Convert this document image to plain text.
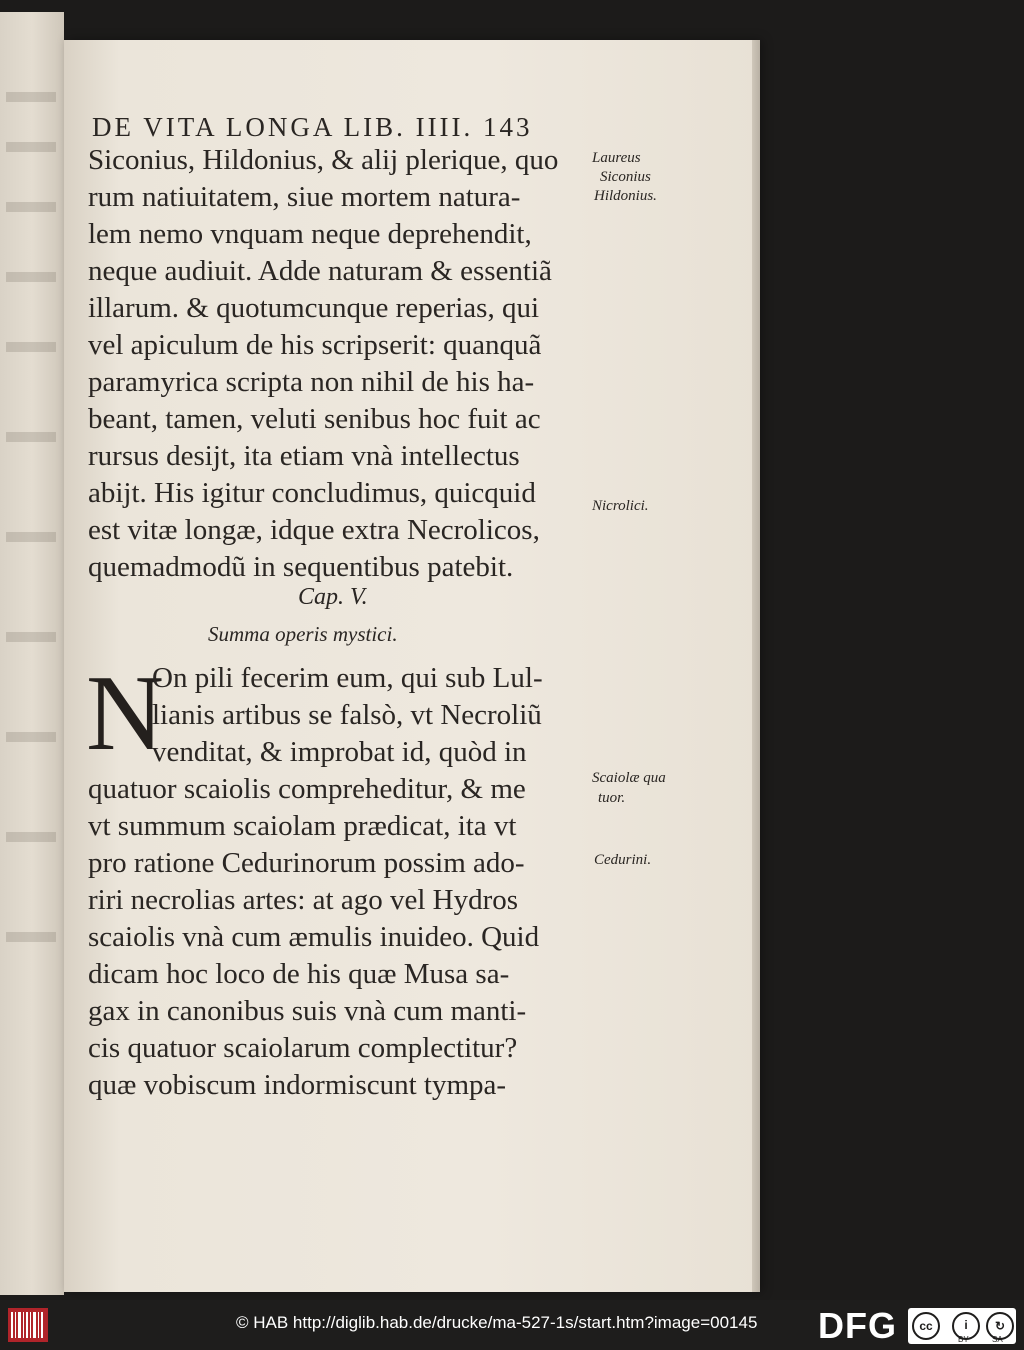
DE VITA LONGA LIB. IIII. 143
Siconius, Hildonius, & alij plerique, quo
rum natiuitatem, siue mortem natura-
lem nemo vnquam neque deprehendit,
neque audiuit. Adde naturam & essentiã
illarum. & quotumcunque reperias, qui
vel apiculum de his scripserit: quanquã
paramyrica scripta non nihil de his ha-
beant, tamen, veluti senibus hoc fuit ac
rursus desijt, ita etiam vnà intellectus
abijt. His igitur concludimus, quicquid
est vitæ longæ, idque extra Necrolicos,
quemadmodũ in sequentibus patebit.
Laureus
Siconius
Hildonius.
Nicrolici.
Cap. V.
Summa operis mystici.
N
On pili fecerim eum, qui sub Lul-
lianis artibus se falsò, vt Necroliũ
venditat, & improbat id, quòd in
quatuor scaiolis compreheditur, & me
vt summum scaiolam prædicat, ita vt
pro ratione Cedurinorum possim ado-
riri necrolias artes: at ago vel Hydros
scaiolis vnà cum æmulis inuideo. Quid
dicam hoc loco de his quæ Musa sa-
gax in canonibus suis vnà cum manti-
cis quatuor scaiolarum complectitur?
quæ vobiscum indormiscunt tympa-
Scaiolæ qua
tuor.
Cedurini.
© HAB http://diglib.hab.de/drucke/ma-527-1s/start.htm?image=00145 DFG	cc	i	↻
BY	SA
